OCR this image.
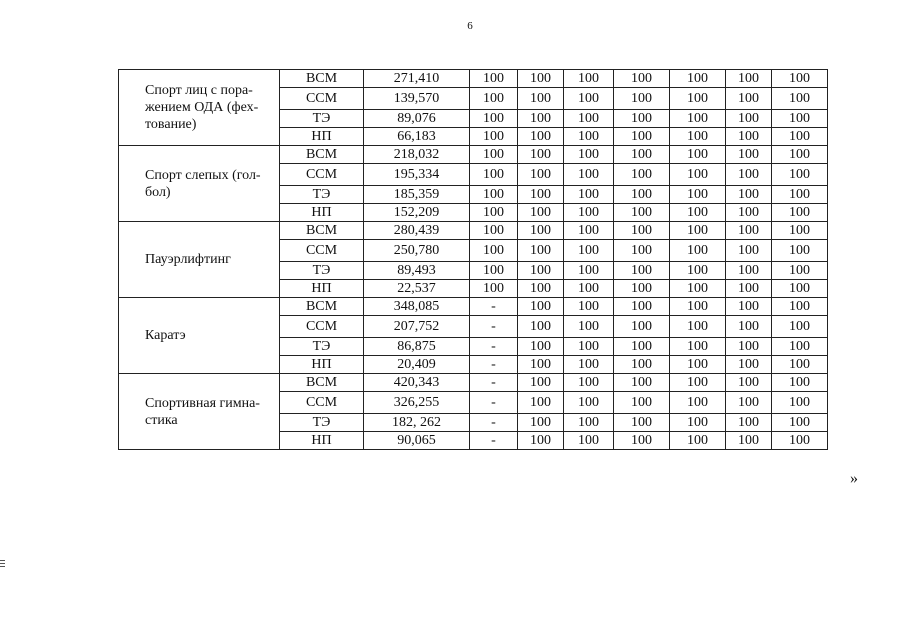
6
Спорт лиц с пора-жением ОДА (фех-тование)	ВСМ	271,410	100	100	100	100	100	100	100
	ССМ	139,570	100	100	100	100	100	100	100
	ТЭ	89,076	100	100	100	100	100	100	100
	НП	66,183	100	100	100	100	100	100	100
Спорт слепых (гол-бол)	ВСМ	218,032	100	100	100	100	100	100	100
	ССМ	195,334	100	100	100	100	100	100	100
	ТЭ	185,359	100	100	100	100	100	100	100
	НП	152,209	100	100	100	100	100	100	100
Пауэрлифтинг	ВСМ	280,439	100	100	100	100	100	100	100
	ССМ	250,780	100	100	100	100	100	100	100
	ТЭ	89,493	100	100	100	100	100	100	100
	НП	22,537	100	100	100	100	100	100	100
Каратэ	ВСМ	348,085	-	100	100	100	100	100	100
	ССМ	207,752	-	100	100	100	100	100	100
	ТЭ	86,875	-	100	100	100	100	100	100
	НП	20,409	-	100	100	100	100	100	100
Спортивная гимна-стика	ВСМ	420,343	-	100	100	100	100	100	100
	ССМ	326,255	-	100	100	100	100	100	100
	ТЭ	182, 262	-	100	100	100	100	100	100
	НП	90,065	-	100	100	100	100	100	100
»
